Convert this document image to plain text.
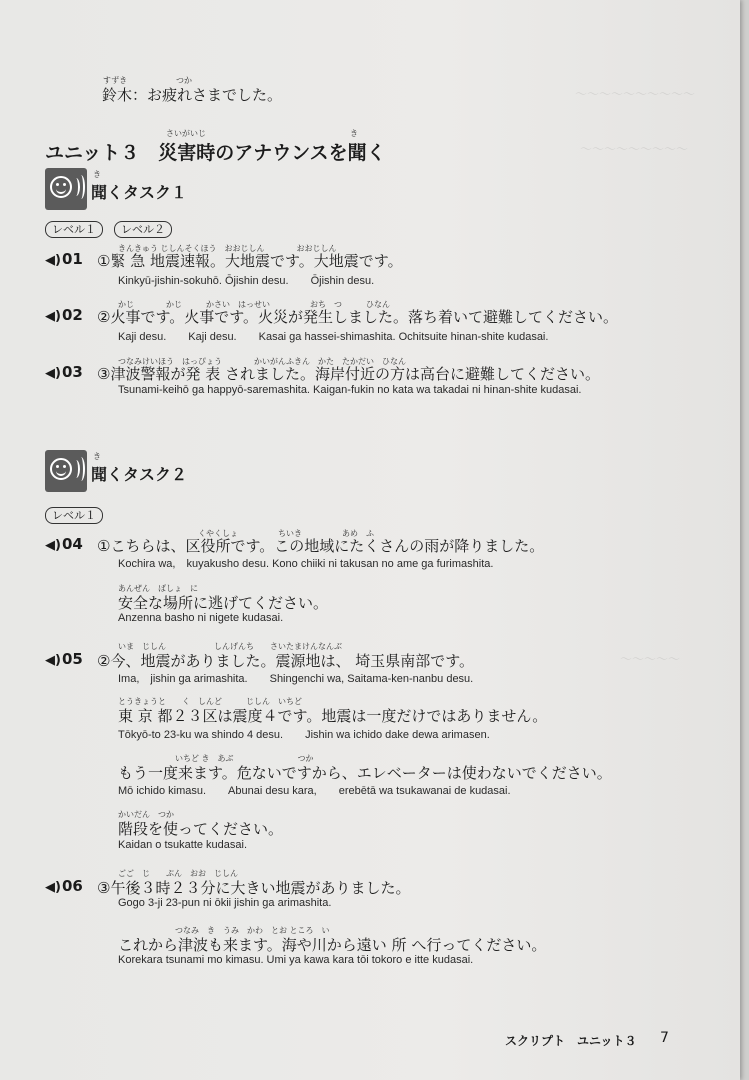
～～～～～～～～～～
～～～～～～～～～
～～～～～
すずき	つか
鈴木：お疲れさまでした。
さいがいじ	き
ユニット３　災害時のアナウンスを聞く
き
聞くタスク１
レベル１	レベル２
◀)01
きんきゅう じしんそくほう　おおじしん　　　　おおじしん
①緊 急 地震速報。大地震です。大地震です。
Kinkyū-jishin-sokuhō. Ōjishin desu.　　Ōjishin desu.
◀)02
かじ　　　　かじ　　　かさい　はっせい　　　　　おち　つ　　　ひなん
②火事です。火事です。火災が発生しました。落ち着いて避難してください。
Kaji desu.　　Kaji desu.　　Kasai ga hassei-shimashita. Ochitsuite hinan-shite kudasai.
◀)03
つなみけいほう　はっぴょう　　　　かいがんふきん　かた　たかだい　ひなん
③津波警報が発 表 されました。海岸付近の方は高台に避難してください。
Tsunami-keihō ga happyō-saremashita. Kaigan-fukin no kata wa takadai ni hinan-shite kudasai.
き
聞くタスク２
レベル１
◀)04
くやくしょ　　　　　ちいき　　　　　あめ　ふ
①こちらは、区役所です。この地域にたくさんの雨が降りました。
Kochira wa,　kuyakusho desu. Kono chiiki ni takusan no ame ga furimashita.
あんぜん　ばしょ　に
安全な場所に逃げてください。
Anzenna basho ni nigete kudasai.
◀)05
いま　じしん　　　　　　しんげんち　　さいたまけんなんぶ
②今、地震がありました。震源地は、 埼玉県南部です。
Ima,　jishin ga arimashita.　　Shingenchi wa, Saitama-ken-nanbu desu.
とうきょうと　　く　しんど　　　じしん　いちど
東 京 都２３区は震度４です。地震は一度だけではありません。
Tōkyō-to 23-ku wa shindo 4 desu.　　Jishin wa ichido dake dewa arimasen.
いちど き　あぶ　　　　　　　　つか
もう一度来ます。危ないですから、エレベーターは使わないでください。
Mō ichido kimasu.　　Abunai desu kara,　　erebētā wa tsukawanai de kudasai.
かいだん　つか
階段を使ってください。
Kaidan o tsukatte kudasai.
◀)06
ごご　じ　　ぷん　おお　じしん
③午後３時２３分に大きい地震がありました。
Gogo 3-ji 23-pun ni ōkii jishin ga arimashita.
つなみ　き　うみ　かわ　とお ところ　い
これから津波も来ます。海や川から遠い 所 へ行ってください。
Korekara tsunami mo kimasu. Umi ya kawa kara tōi tokoro e itte kudasai.
スクリプト　ユニット３ 7
